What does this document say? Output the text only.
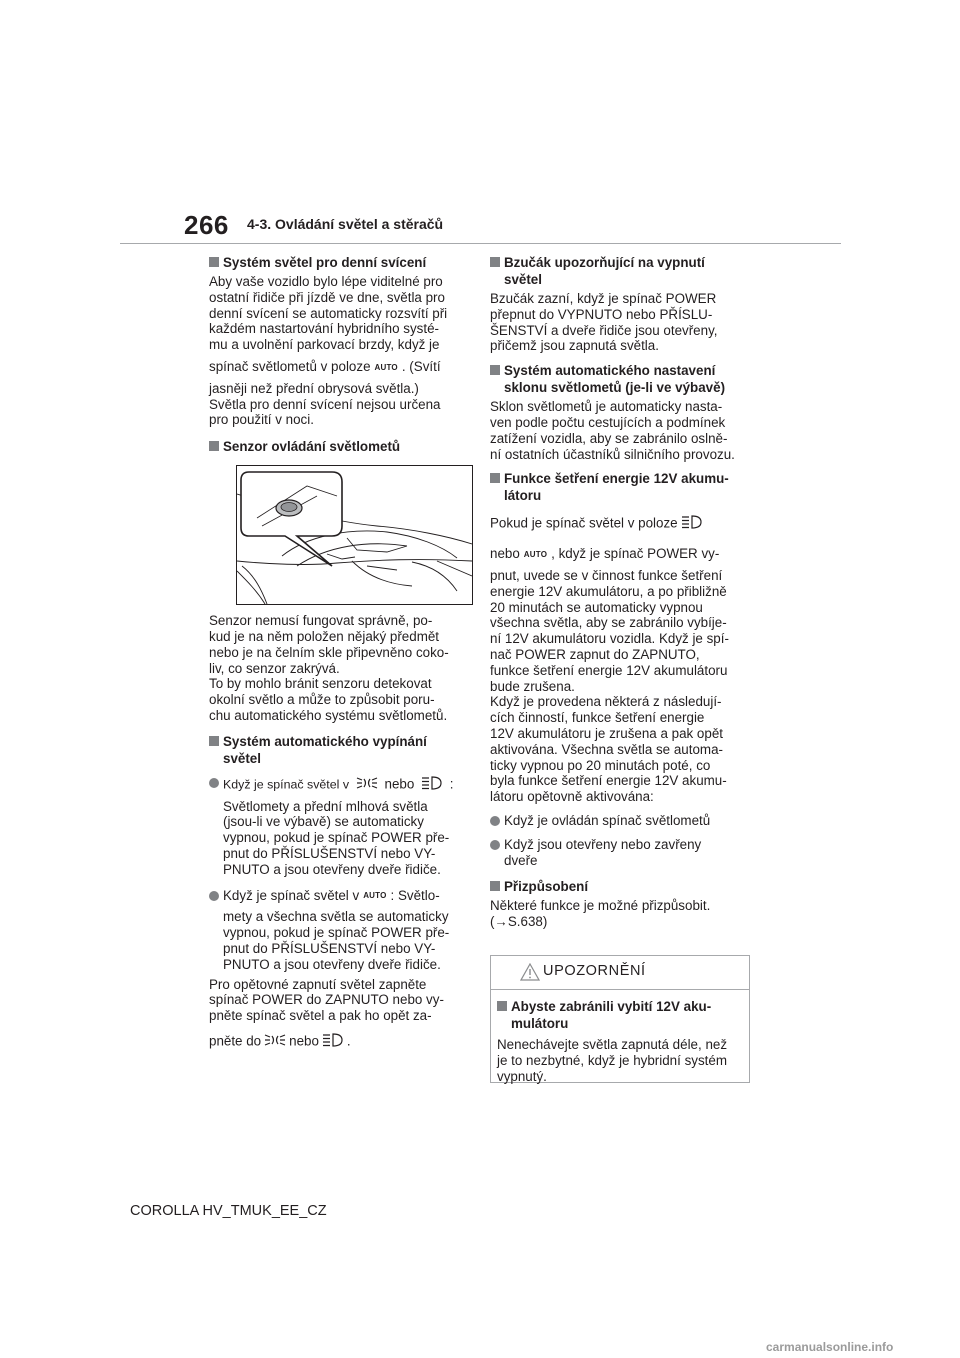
266 4-3. Ovládání světel a stěračů
Systém světel pro denní svícení
Aby vaše vozidlo bylo lépe viditelné pro
ostatní řidiče při jízdě ve dne, světla pro
denní svícení se automaticky rozsvítí při
každém nastartování hybridního systé-
mu a uvolnění parkovací brzdy, když je
spínač světlometů v poloze AUTO . (Svítí
jasněji než přední obrysová světla.)
Světla pro denní svícení nejsou určena
pro použití v noci.
Senzor ovládání světlometů
Senzor nemusí fungovat správně, po-
kud je na něm položen nějaký předmět
nebo je na čelním skle připevněno coko-
liv, co senzor zakrývá.
To by mohlo bránit senzoru detekovat
okolní světlo a může to způsobit poru-
chu automatického systému světlometů.
Systém automatického vypínání
světel
Když je spínač světel v	nebo	:
Světlomety a přední mlhová světla
(jsou-li ve výbavě) se automaticky
vypnou, pokud je spínač POWER pře-
pnut do PŘÍSLUŠENSTVÍ nebo VY-
PNUTO a jsou otevřeny dveře řidiče.
Když je spínač světel v AUTO : Světlo-
mety a všechna světla se automaticky
vypnou, pokud je spínač POWER pře-
pnut do PŘÍSLUŠENSTVÍ nebo VY-
PNUTO a jsou otevřeny dveře řidiče.
Pro opětovné zapnutí světel zapněte
spínač POWER do ZAPNUTO nebo vy-
pněte spínač světel a pak ho opět za-
pněte do nebo .
Bzučák upozorňující na vypnutí
světel
Bzučák zazní, když je spínač POWER
přepnut do VYPNUTO nebo PŘÍSLU-
ŠENSTVÍ a dveře řidiče jsou otevřeny,
přičemž jsou zapnutá světla.
Systém automatického nastavení
sklonu světlometů (je-li ve výbavě)
Sklon světlometů je automaticky nasta-
ven podle počtu cestujících a podmínek
zatížení vozidla, aby se zabránilo oslně-
ní ostatních účastníků silničního provozu.
Funkce šetření energie 12V akumu-
látoru
Pokud je spínač světel v poloze
nebo AUTO , když je spínač POWER vy-
pnut, uvede se v činnost funkce šetření
energie 12V akumulátoru, a po přibližně
20 minutách se automaticky vypnou
všechna světla, aby se zabránilo vybíje-
ní 12V akumulátoru vozidla. Když je spí-
nač POWER zapnut do ZAPNUTO,
funkce šetření energie 12V akumulátoru
bude zrušena.
Když je provedena některá z následují-
cích činností, funkce šetření energie
12V akumulátoru je zrušena a pak opět
aktivována. Všechna světla se automa-
ticky vypnou po 20 minutách poté, co
byla funkce šetření energie 12V akumu-
látoru opětovně aktivována:
Když je ovládán spínač světlometů
Když jsou otevřeny nebo zavřeny
dveře
Přizpůsobení
Některé funkce je možné přizpůsobit.
(→S.638)
UPOZORNĚNÍ
Abyste zabránili vybití 12V aku-
mulátoru
Nenechávejte světla zapnutá déle, než
je to nezbytné, když je hybridní systém
vypnutý.
COROLLA HV_TMUK_EE_CZ
carmanualsonline.info
